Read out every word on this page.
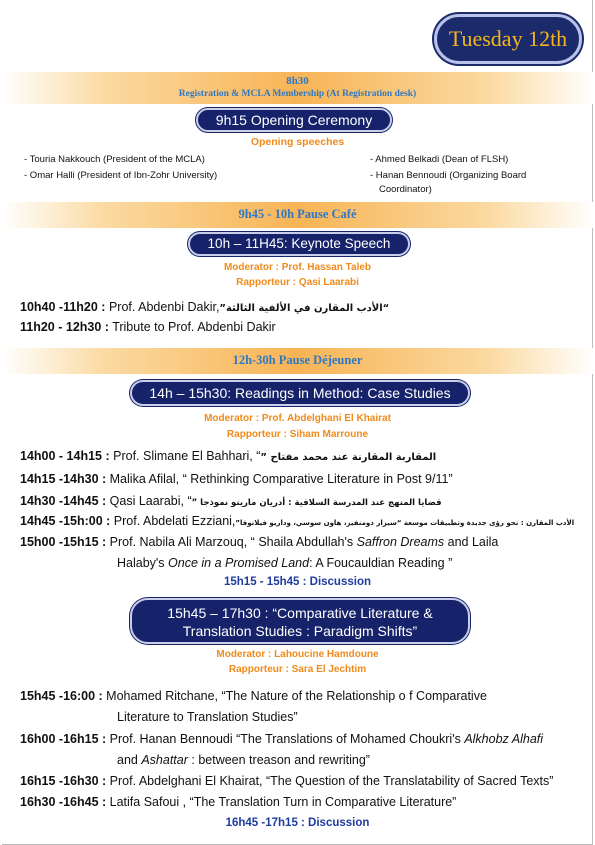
Tuesday 12th
8h30
Registration & MCLA Membership (At Registration desk)
9h15 Opening Ceremony
Opening speeches
- Touria Nakkouch (President of the MCLA)
- Omar Halli (President of Ibn-Zohr University)
- Ahmed Belkadi (Dean of FLSH)
- Hanan Bennoudi (Organizing Board
Coordinator)
9h45 - 10h Pause Café
10h – 11H45: Keynote Speech
Moderator : Prof. Hassan Taleb
Rapporteur : Qasi Laarabi
10h40 -11h20 : Prof. Abdenbi Dakir,“الأدب المقارن في الألفية الثالثة”
11h20 - 12h30 : Tribute to Prof. Abdenbi Dakir
12h-30h Pause Déjeuner
14h – 15h30: Readings in Method: Case Studies
Moderator : Prof. Abdelghani El Khairat
Rapporteur : Siham Marroune
14h00 - 14h15 : Prof. Slimane El Bahhari, “المقاربة المقارنة عند محمد مفتاح ”
14h15 -14h30 : Malika Afilal, “ Rethinking Comparative Literature in Post 9/11”
14h30 -14h45 : Qasi Laarabi, “قضايا المنهج عند المدرسة السلافية : أدريان مارينو نموذجا ”
14h45 -15h:00 : Prof. Abdelati Ezziani,الأدب المقارن : نحو رؤى جديدة وتطبيقات موسعة “سيزار دومنفيز، هاون سوسي، وداريو فيلانوفا”
15h00 -15h15 : Prof. Nabila Ali Marzouq, “ Shaila Abdullah's Saffron Dreams and Laila
Halaby's Once in a Promised Land: A Foucauldian Reading ”
15h15 - 15h45 : Discussion
15h45 – 17h30 : “Comparative Literature &
Translation Studies : Paradigm Shifts”
Moderator : Lahoucine Hamdoune
Rapporteur : Sara El Jechtim
15h45 -16:00 : Mohamed Ritchane, “The Nature of the Relationship o f Comparative
Literature to Translation Studies”
16h00 -16h15 : Prof. Hanan Bennoudi “The Translations of Mohamed Choukri's Alkhobz Alhafi
and Ashattar : between treason and rewriting”
16h15 -16h30 : Prof. Abdelghani El Khairat, “The Question of the Translatability of Sacred Texts”
16h30 -16h45 : Latifa Safoui , “The Translation Turn in Comparative Literature”
16h45 -17h15 : Discussion
